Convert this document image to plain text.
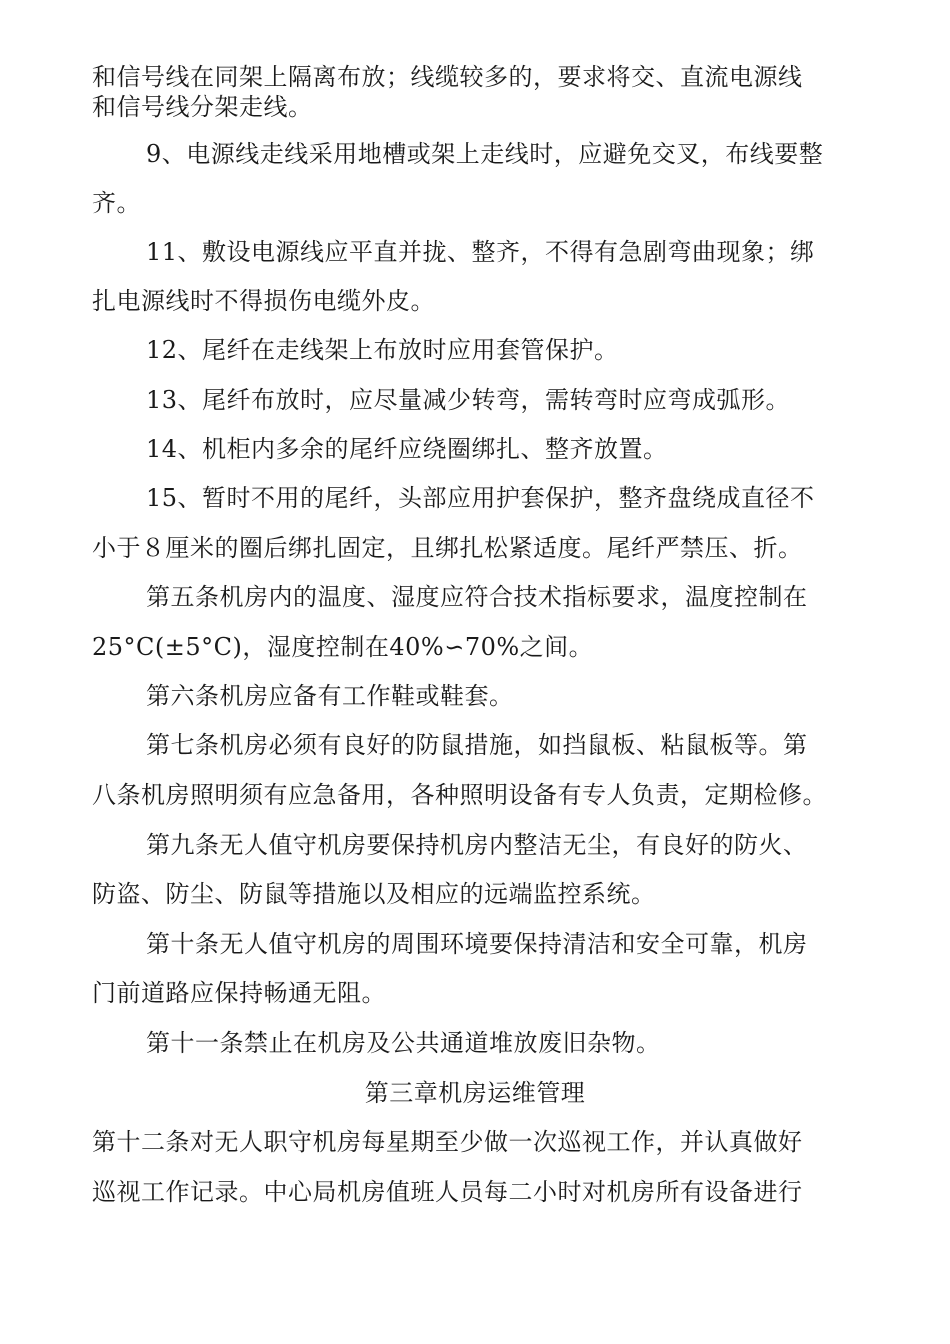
和信号线在同架上隔离布放；线缆较多的，要求将交、直流电源线
和信号线分架走线。
9、电源线走线采用地槽或架上走线时，应避免交叉，布线要整
齐。
11、敷设电源线应平直并拢、整齐，不得有急剧弯曲现象；绑
扎电源线时不得损伤电缆外皮。
12、尾纤在走线架上布放时应用套管保护。
13、尾纤布放时，应尽量减少转弯，需转弯时应弯成弧形。
14、机柜内多余的尾纤应绕圈绑扎、整齐放置。
15、暂时不用的尾纤，头部应用护套保护，整齐盘绕成直径不
小于８厘米的圈后绑扎固定，且绑扎松紧适度。尾纤严禁压、折。
第五条机房内的温度、湿度应符合技术指标要求，温度控制在
25°C(±5°C)，湿度控制在40%∽70%之间。
第六条机房应备有工作鞋或鞋套。
第七条机房必须有良好的防鼠措施，如挡鼠板、粘鼠板等。第
八条机房照明须有应急备用，各种照明设备有专人负责，定期检修。
第九条无人值守机房要保持机房内整洁无尘，有良好的防火、
防盗、防尘、防鼠等措施以及相应的远端监控系统。
第十条无人值守机房的周围环境要保持清洁和安全可靠，机房
门前道路应保持畅通无阻。
第十一条禁止在机房及公共通道堆放废旧杂物。
第三章机房运维管理
第十二条对无人职守机房每星期至少做一次巡视工作，并认真做好
巡视工作记录。中心局机房值班人员每二小时对机房所有设备进行
